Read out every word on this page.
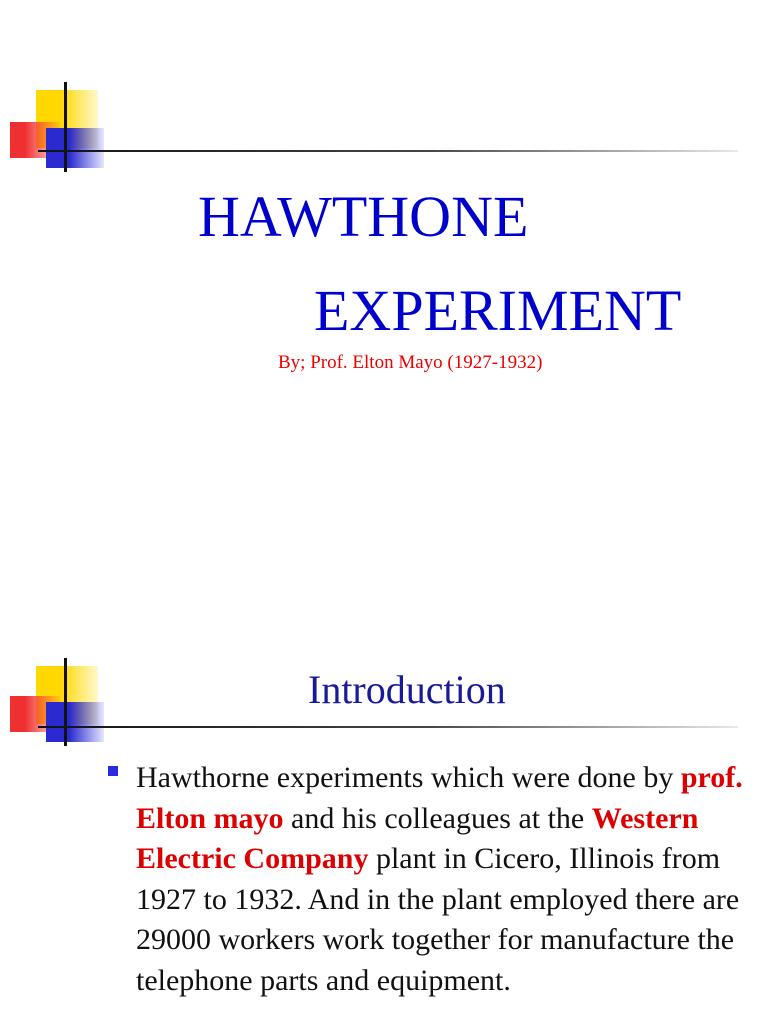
HAWTHONE
EXPERIMENT
By; Prof. Elton Mayo (1927-1932)
Introduction
Hawthorne experiments which were done by prof. Elton mayo and his colleagues at the Western Electric Company plant in Cicero, Illinois from 1927 to 1932. And in the plant employed there are 29000 workers work together for manufacture the telephone parts and equipment.
